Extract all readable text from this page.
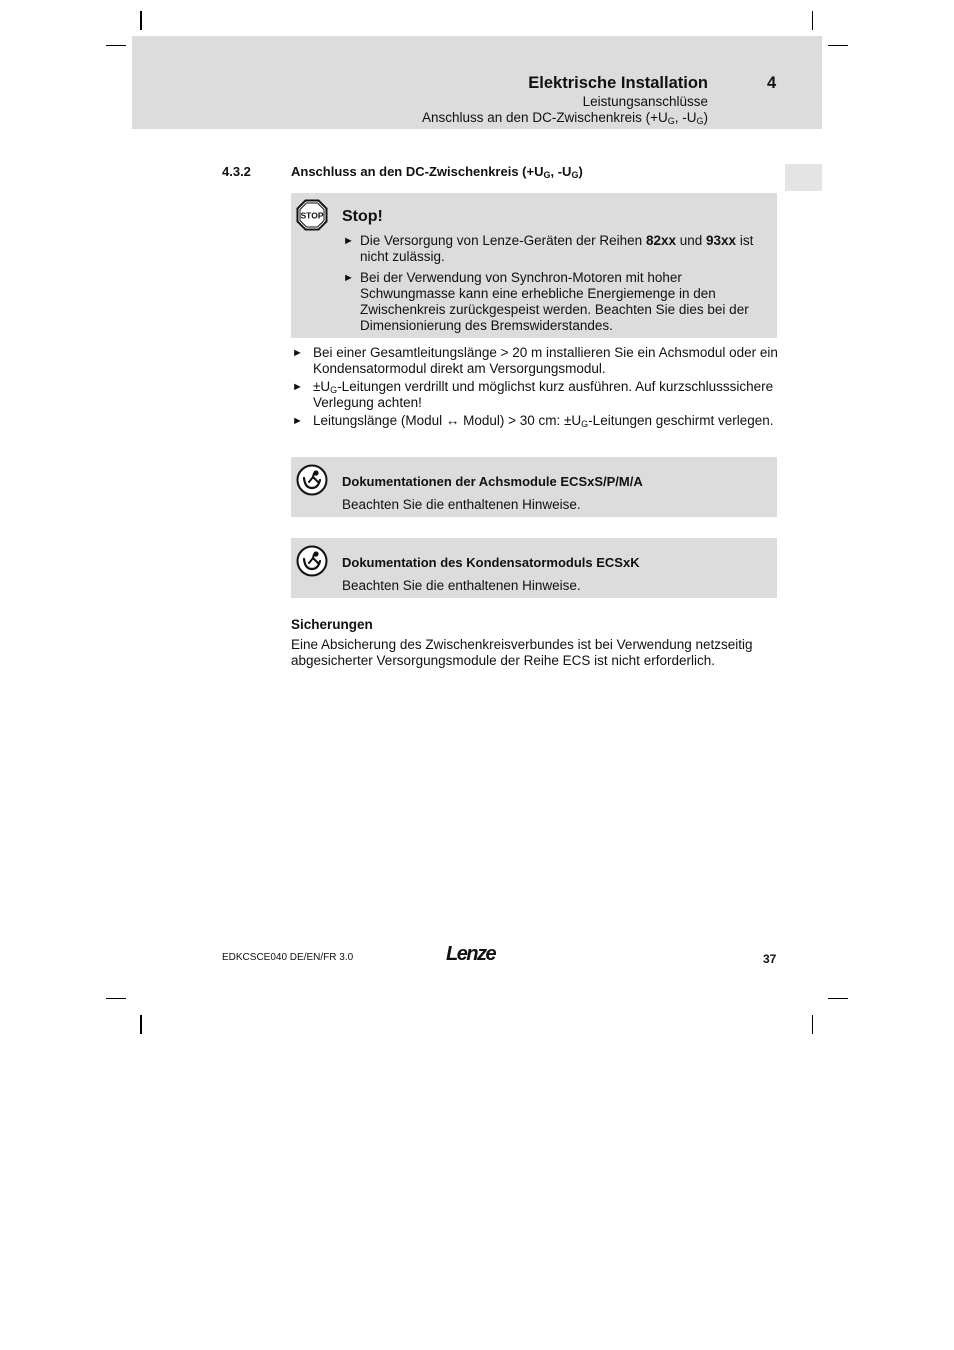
Elektrische Installation	4
Leistungsanschlüsse
Anschluss an den DC-Zwischenkreis ($+U_G$, $-U_G$)
4.3.2	Anschluss an den DC-Zwischenkreis ($+U_G$, $-U_G$)
STOP Stop!
► Die Versorgung von Lenze-Geräten der Reihen 82xx und 93xx ist nicht zulässig.
► Bei der Verwendung von Synchron-Motoren mit hoher Schwungmasse kann eine erhebliche Energiemenge in den Zwischenkreis zurückgespeist werden. Beachten Sie dies bei der Dimensionierung des Bremswiderstandes.
► Bei einer Gesamtleitungslänge > 20 m installieren Sie ein Achsmodul oder ein Kondensatormodul direkt am Versorgungsmodul.
► $\pm U_G$-Leitungen verdrillt und möglichst kurz ausführen. Auf kurzschlusssichere Verlegung achten!
► Leitungslänge (Modul ↔ Modul) > 30 cm: $\pm U_G$-Leitungen geschirmt verlegen.
Dokumentationen der Achsmodule ECSxS/P/M/A
Beachten Sie die enthaltenen Hinweise.
Dokumentation des Kondensatormoduls ECSxK
Beachten Sie die enthaltenen Hinweise.
Sicherungen
Eine Absicherung des Zwischenkreisverbundes ist bei Verwendung netzseitig abgesicherter Versorgungsmodule der Reihe ECS ist nicht erforderlich.
EDKCSCE040 DE/EN/FR 3.0	Lenze	37
